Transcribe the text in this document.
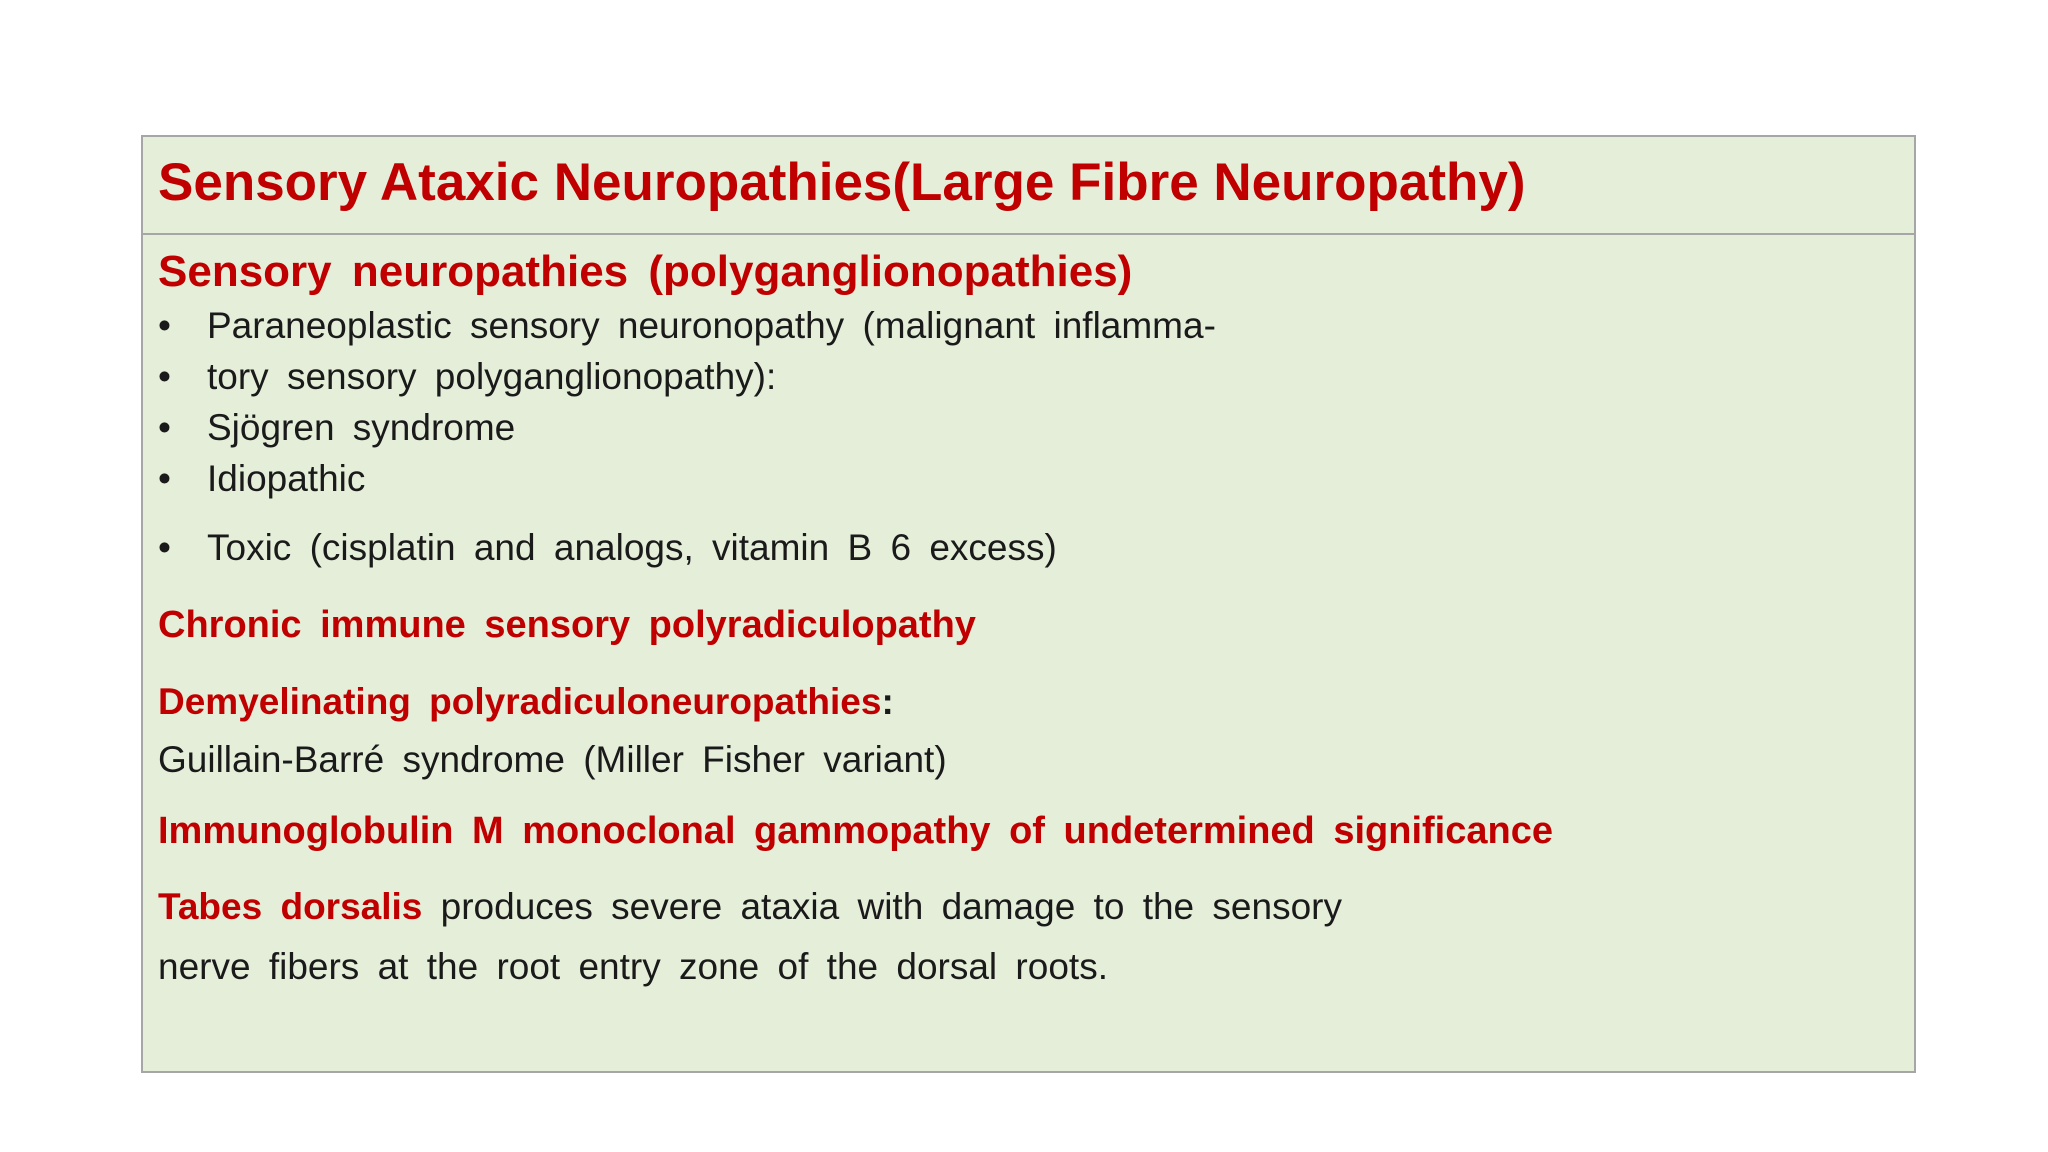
Sensory Ataxic Neuropathies(Large Fibre Neuropathy)
Sensory neuropathies (polyganglionopathies)
• Paraneoplastic sensory neuronopathy (malignant inflamma-
• tory sensory polyganglionopathy):
• Sjögren syndrome
• Idiopathic
• Toxic (cisplatin and analogs, vitamin B 6 excess)
Chronic immune sensory polyradiculopathy
Demyelinating polyradiculoneuropathies:
Guillain-Barré syndrome (Miller Fisher variant)
Immunoglobulin M monoclonal gammopathy of undetermined significance
Tabes dorsalis produces severe ataxia with damage to the sensory
nerve fibers at the root entry zone of the dorsal roots.
